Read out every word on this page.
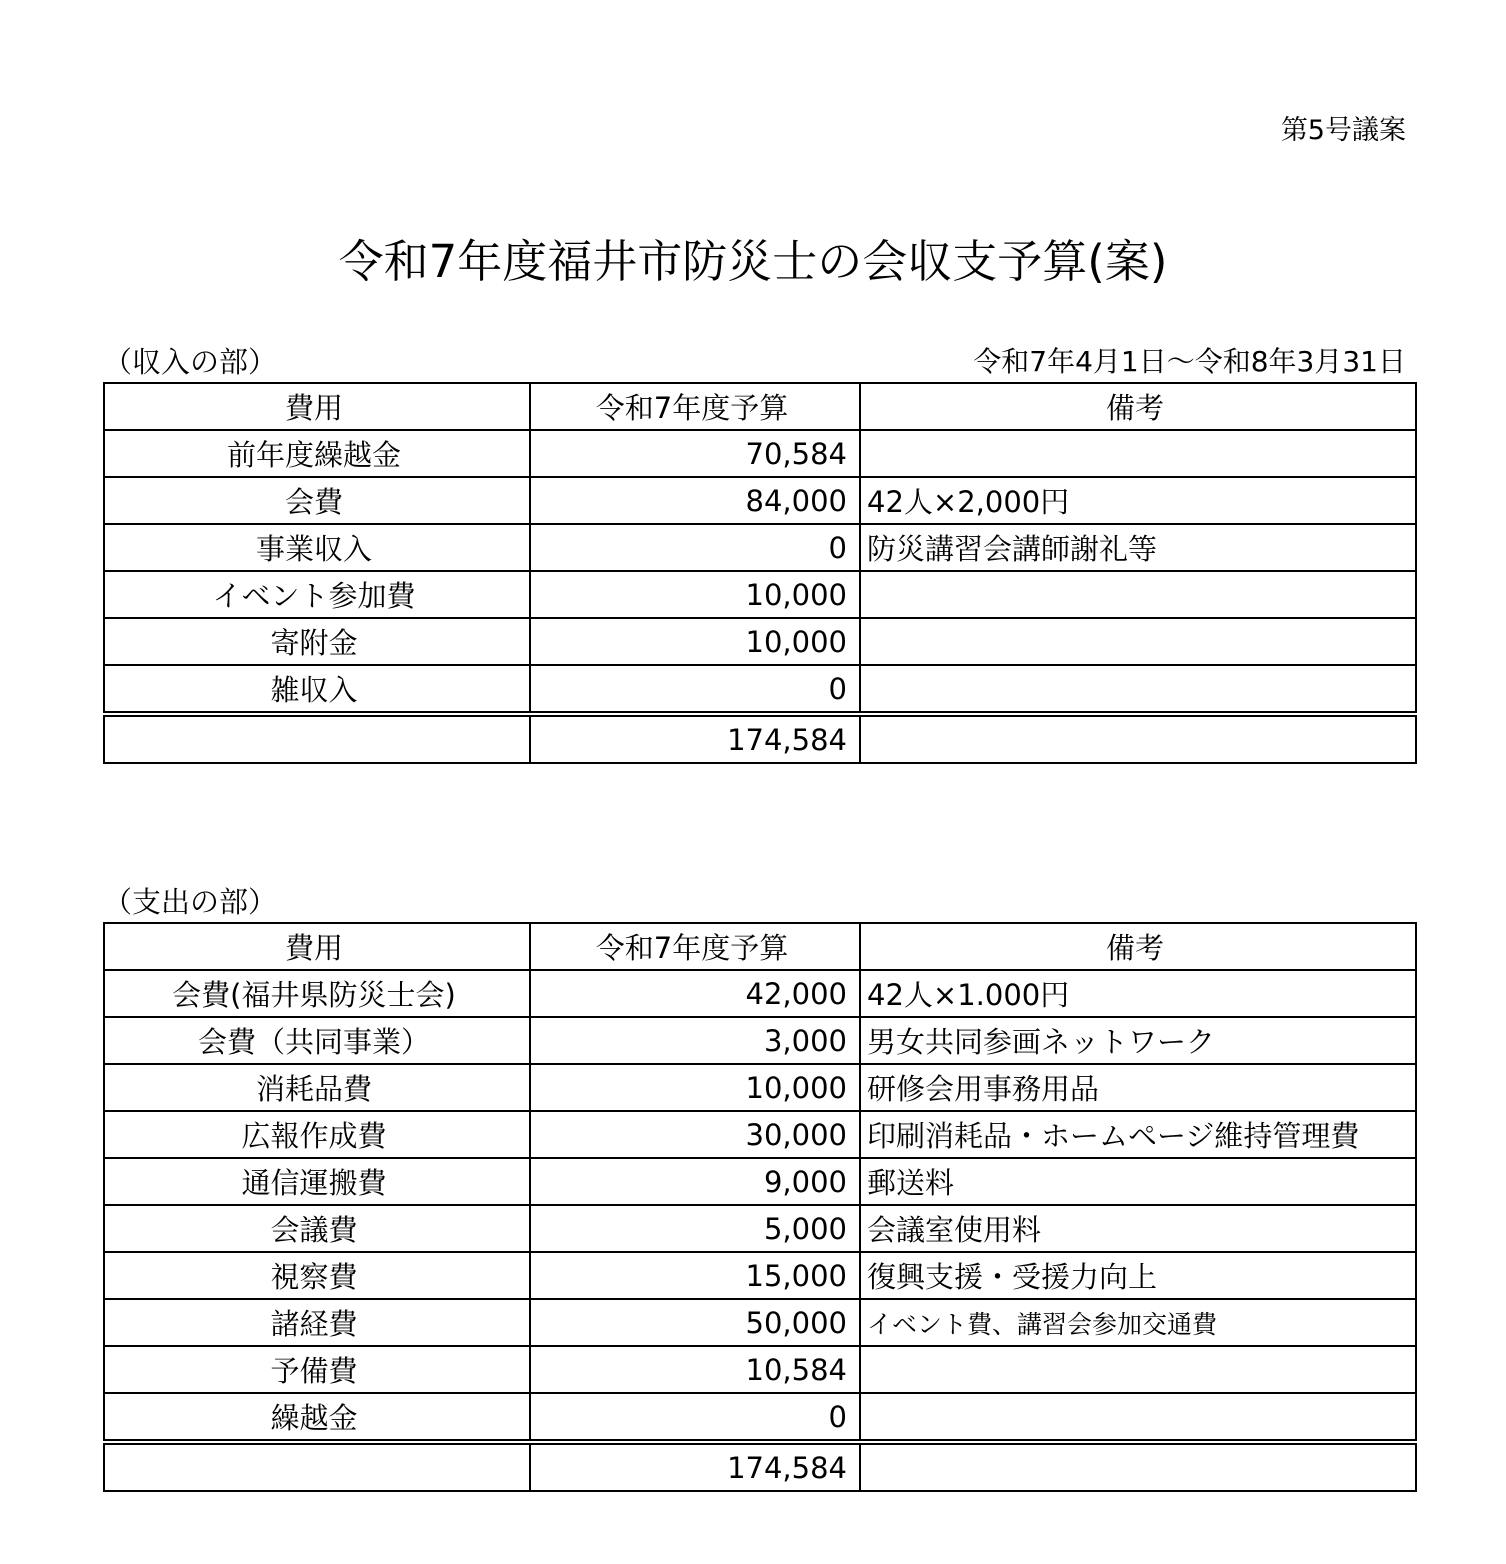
第5号議案
令和7年度福井市防災士の会収支予算(案)
（収入の部）	令和7年4月1日～令和8年3月31日
費用	令和7年度予算	備考
前年度繰越金	70,584	
会費	84,000	42人×2,000円
事業収入	0	防災講習会講師謝礼等
イベント参加費	10,000	
寄附金	10,000	
雑収入	0	
	174,584	
（支出の部）
費用	令和7年度予算	備考
会費(福井県防災士会)	42,000	42人×1.000円
会費（共同事業）	3,000	男女共同参画ネットワーク
消耗品費	10,000	研修会用事務用品
広報作成費	30,000	印刷消耗品・ホームページ維持管理費
通信運搬費	9,000	郵送料
会議費	5,000	会議室使用料
視察費	15,000	復興支援・受援力向上
諸経費	50,000	イベント費、講習会参加交通費
予備費	10,584	
繰越金	0	
	174,584	
